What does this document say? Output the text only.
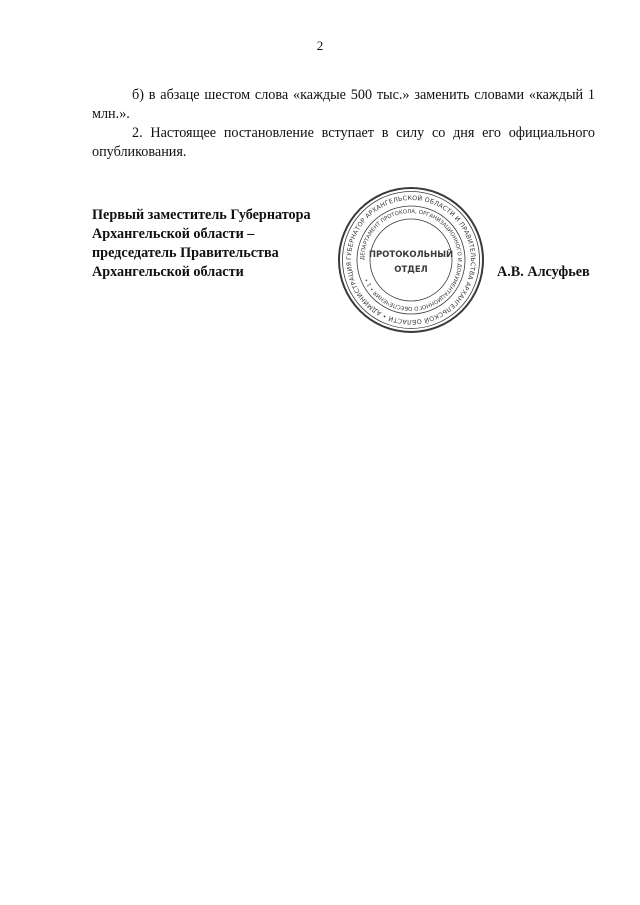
2

б) в абзаце шестом слова «каждые 500 тыс.» заменить словами «каждый 1 млн.».

2. Настоящее постановление вступает в силу со дня его официального опубликования.

Первый заместитель Губернатора
Архангельской области –
председатель Правительства
Архангельской области
ГУБЕРНАТОР АРХАНГЕЛЬСКОЙ ОБЛАСТИ И ПРАВИТЕЛЬСТВА АРХАНГЕЛЬСКОЙ ОБЛАСТИ • АДМИНИСТРАЦИЯ
ДЕПАРТАМЕНТ ПРОТОКОЛА, ОРГАНИЗАЦИОННОГО И ДОКУМЕНТАЦИОННОГО ОБЕСПЕЧЕНИЯ • 1 •
ПРОТОКОЛЬНЫЙ
ОТДЕЛ	А.В. Алсуфьев
